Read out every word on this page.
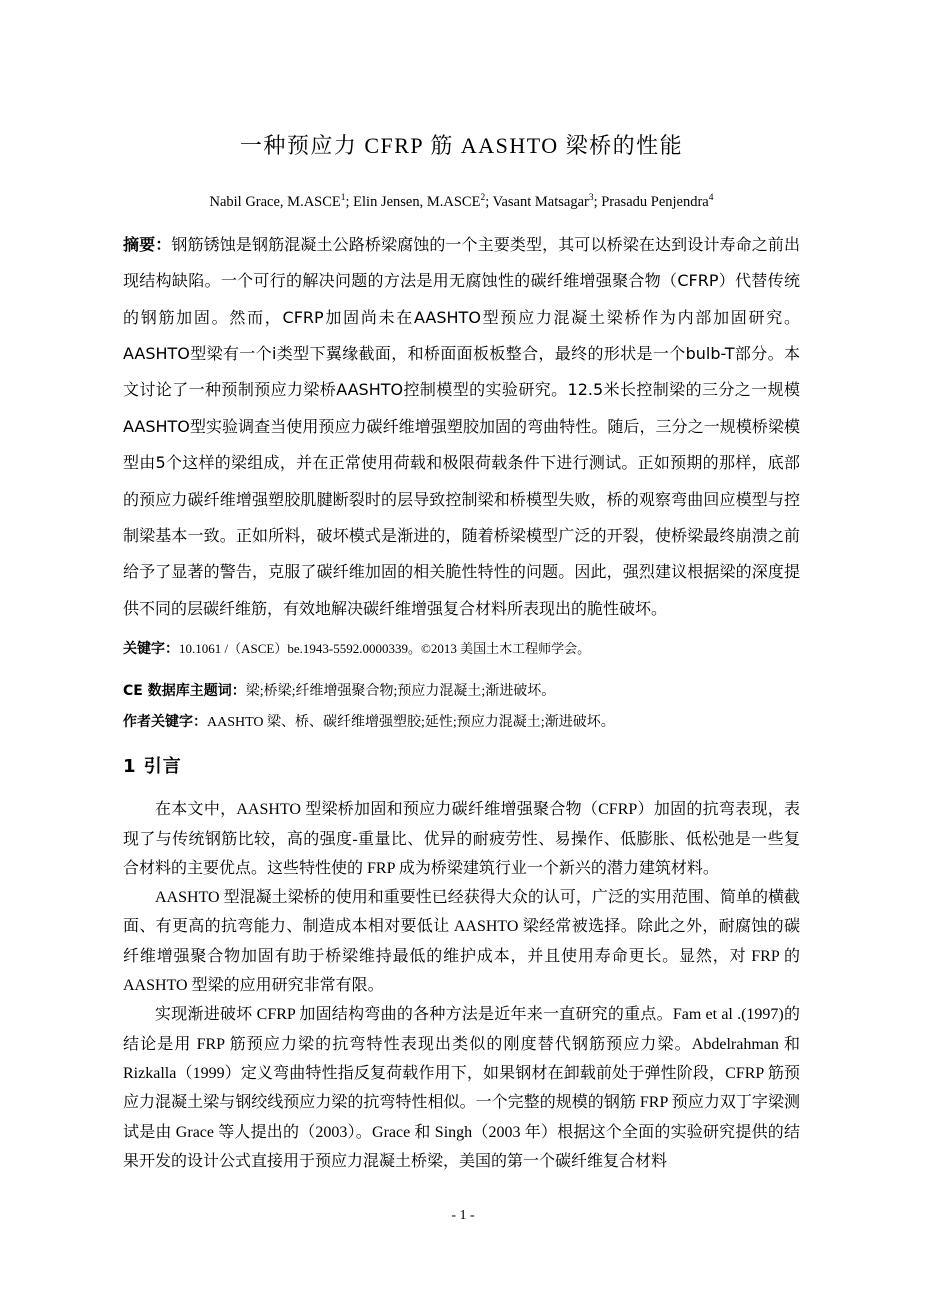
一种预应力 CFRP 筋 AASHTO 梁桥的性能
Nabil Grace, M.ASCE$^1$; Elin Jensen, M.ASCE$^2$; Vasant Matsagar$^3$; Prasadu Penjendra$^4$

摘要：钢筋锈蚀是钢筋混凝土公路桥梁腐蚀的一个主要类型，其可以桥梁在达到设计寿命之前出现结构缺陷。一个可行的解决问题的方法是用无腐蚀性的碳纤维增强聚合物（CFRP）代替传统的钢筋加固。然而，CFRP加固尚未在AASHTO型预应力混凝土梁桥作为内部加固研究。AASHTO型梁有一个i类型下翼缘截面，和桥面面板板整合，最终的形状是一个bulb-T部分。本文讨论了一种预制预应力梁桥AASHTO控制模型的实验研究。12.5米长控制梁的三分之一规模AASHTO型实验调查当使用预应力碳纤维增强塑胶加固的弯曲特性。随后，三分之一规模桥梁模型由5个这样的梁组成，并在正常使用荷载和极限荷载条件下进行测试。正如预期的那样，底部的预应力碳纤维增强塑胶肌腱断裂时的层导致控制梁和桥模型失败，桥的观察弯曲回应模型与控制梁基本一致。正如所料，破坏模式是渐进的，随着桥梁模型广泛的开裂，使桥梁最终崩溃之前给予了显著的警告，克服了碳纤维加固的相关脆性特性的问题。因此，强烈建议根据梁的深度提供不同的层碳纤维筋，有效地解决碳纤维增强复合材料所表现出的脆性破坏。

关键字：10.1061 /（ASCE）be.1943-5592.0000339。©2013 美国土木工程师学会。

CE 数据库主题词：梁;桥梁;纤维增强聚合物;预应力混凝土;渐进破坏。

作者关键字：AASHTO 梁、桥、碳纤维增强塑胶;延性;预应力混凝土;渐进破坏。

1 引言

在本文中，AASHTO 型梁桥加固和预应力碳纤维增强聚合物（CFRP）加固的抗弯表现，表现了与传统钢筋比较，高的强度-重量比、优异的耐疲劳性、易操作、低膨胀、低松弛是一些复合材料的主要优点。这些特性使的 FRP 成为桥梁建筑行业一个新兴的潜力建筑材料。

AASHTO 型混凝土梁桥的使用和重要性已经获得大众的认可，广泛的实用范围、简单的横截面、有更高的抗弯能力、制造成本相对要低让 AASHTO 梁经常被选择。除此之外，耐腐蚀的碳纤维增强聚合物加固有助于桥梁维持最低的维护成本，并且使用寿命更长。显然，对 FRP 的 AASHTO 型梁的应用研究非常有限。

实现渐进破坏 CFRP 加固结构弯曲的各种方法是近年来一直研究的重点。Fam et al .(1997)的结论是用 FRP 筋预应力梁的抗弯特性表现出类似的刚度替代钢筋预应力梁。Abdelrahman 和 Rizkalla（1999）定义弯曲特性指反复荷载作用下，如果钢材在卸载前处于弹性阶段，CFRP 筋预应力混凝土梁与钢绞线预应力梁的抗弯特性相似。一个完整的规模的钢筋 FRP 预应力双丁字梁测试是由 Grace 等人提出的（2003）。Grace 和 Singh（2003 年）根据这个全面的实验研究提供的结果开发的设计公式直接用于预应力混凝土桥梁，美国的第一个碳纤维复合材料

- 1 -
